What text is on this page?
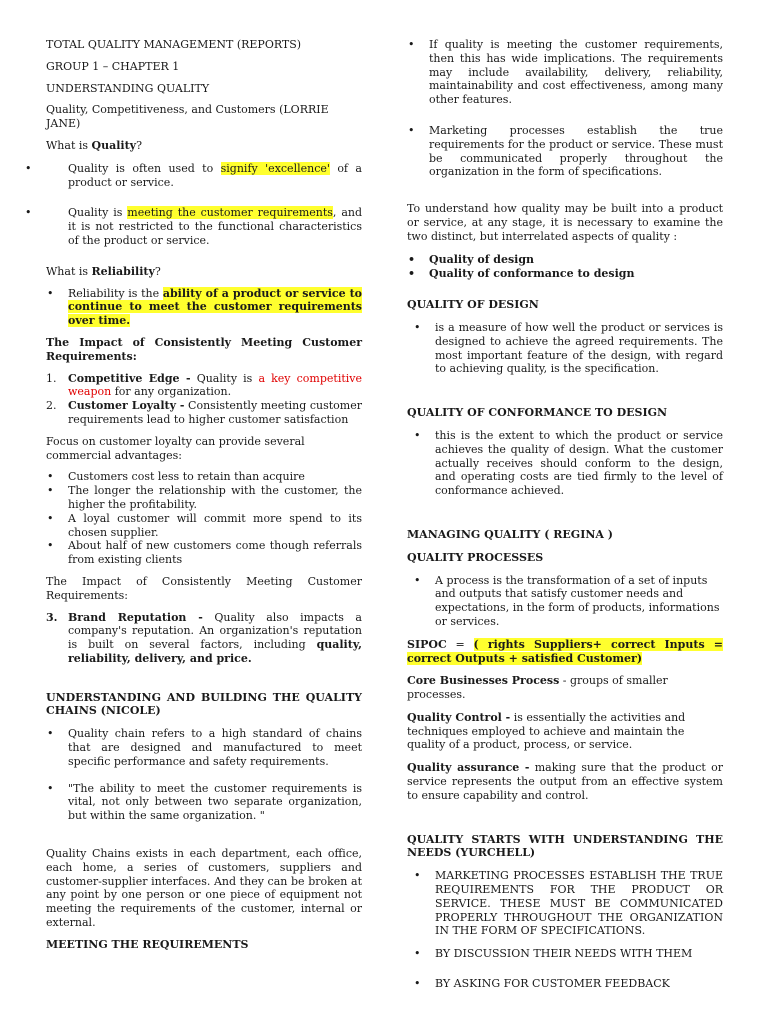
TOTAL QUALITY MANAGEMENT (REPORTS)

GROUP 1 – CHAPTER 1

UNDERSTANDING QUALITY

Quality, Competitiveness, and Customers (LORRIE JANE)

What is Quality?

• Quality is often used to signify 'excellence' of a product or service.
• Quality is meeting the customer requirements, and it is not restricted to the functional characteristics of the product or service.

What is Reliability?

• Reliability is the ability of a product or service to continue to meet the customer requirements over time.

The Impact of Consistently Meeting Customer Requirements:

1. Competitive Edge - Quality is a key competitive weapon for any organization.
2. Customer Loyalty - Consistently meeting customer requirements lead to higher customer satisfaction

Focus on customer loyalty can provide several commercial advantages:

• Customers cost less to retain than acquire
• The longer the relationship with the customer, the higher the profitability.
• A loyal customer will commit more spend to its chosen supplier.
• About half of new customers come though referrals from existing clients

The Impact of Consistently Meeting Customer Requirements:

3. Brand Reputation - Quality also impacts a company's reputation. An organization's reputation is built on several factors, including quality, reliability, delivery, and price.

UNDERSTANDING AND BUILDING THE QUALITY CHAINS (NICOLE)

• Quality chain refers to a high standard of chains that are designed and manufactured to meet specific performance and safety requirements.
• "The ability to meet the customer requirements is vital, not only between two separate organization, but within the same organization. "

Quality Chains exists in each department, each office, each home, a series of customers, suppliers and customer-supplier interfaces. And they can be broken at any point by one person or one piece of equipment not meeting the requirements of the customer, internal or external.

MEETING THE REQUIREMENTS

• If quality is meeting the customer requirements, then this has wide implications. The requirements may include availability, delivery, reliability, maintainability and cost effectiveness, among many other features.
• Marketing processes establish the true requirements for the product or service. These must be communicated properly throughout the organization in the form of specifications.

To understand how quality may be built into a product or service, at any stage, it is necessary to examine the two distinct, but interrelated aspects of quality :

• Quality of design
• Quality of conformance to design

QUALITY OF DESIGN

• is a measure of how well the product or services is designed to achieve the agreed requirements. The most important feature of the design, with regard to achieving quality, is the specification.

QUALITY OF CONFORMANCE TO DESIGN

• this is the extent to which the product or service achieves the quality of design. What the customer actually receives should conform to the design, and operating costs are tied firmly to the level of conformance achieved.

MANAGING QUALITY ( REGINA )

QUALITY PROCESSES

• A process is the transformation of a set of inputs and outputs that satisfy customer needs and expectations, in the form of products, informations or services.

SIPOC = ( rights Suppliers+ correct Inputs = correct Outputs + satisfied Customer)

Core Businesses Process - groups of smaller processes.

Quality Control - is essentially the activities and techniques employed to achieve and maintain the quality of a product, process, or service.

Quality assurance - making sure that the product or service represents the output from an effective system to ensure capability and control.

QUALITY STARTS WITH UNDERSTANDING THE NEEDS (YURCHELL)

• MARKETING PROCESSES ESTABLISH THE TRUE REQUIREMENTS FOR THE PRODUCT OR SERVICE. THESE MUST BE COMMUNICATED PROPERLY THROUGHOUT THE ORGANIZATION IN THE FORM OF SPECIFICATIONS.
• BY DISCUSSION THEIR NEEDS WITH THEM
• BY ASKING FOR CUSTOMER FEEDBACK
